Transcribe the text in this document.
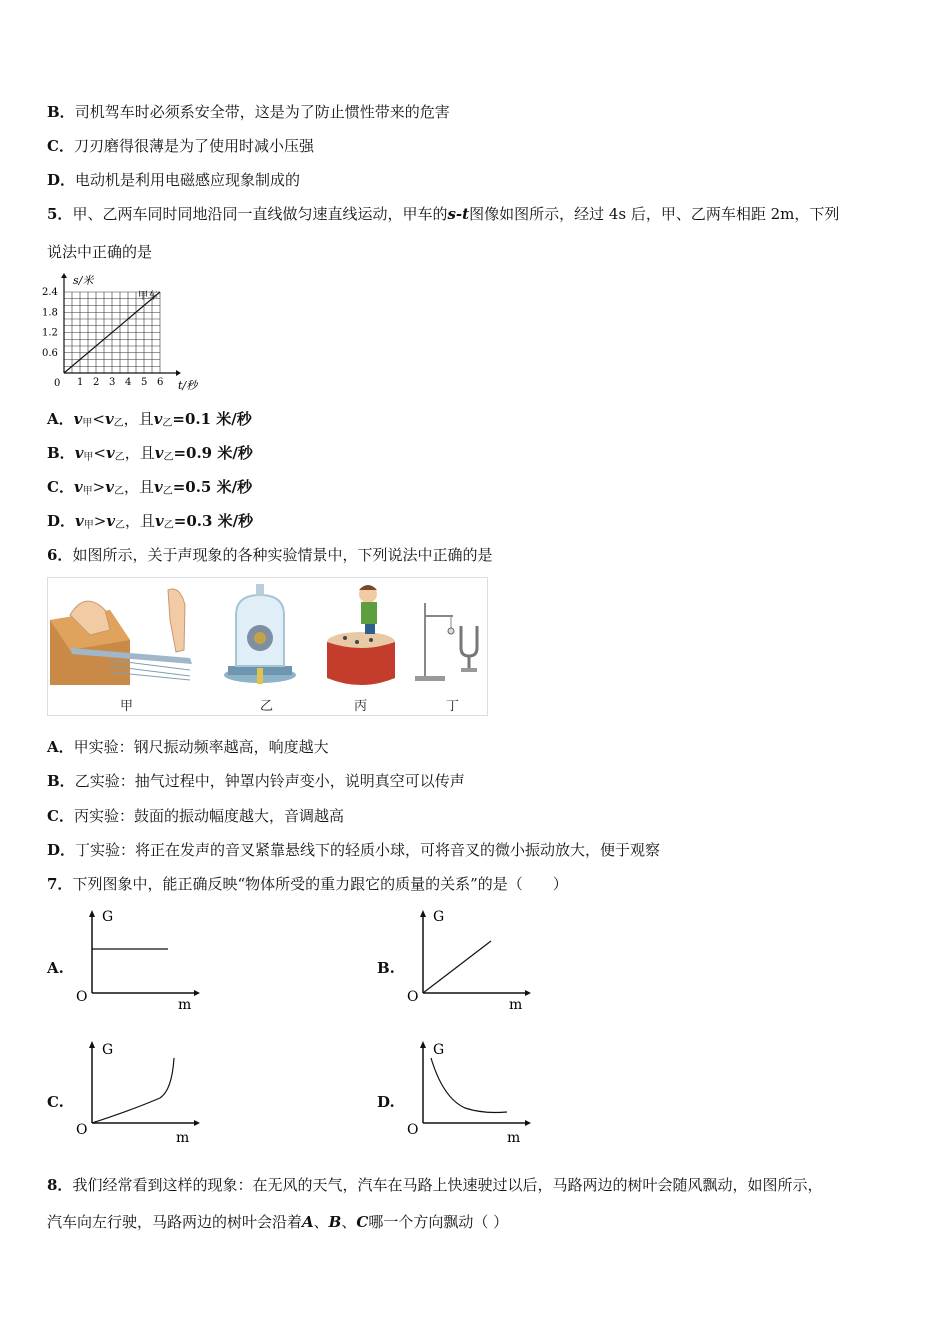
B．司机驾车时必须系安全带，这是为了防止惯性带来的危害
C．刀刃磨得很薄是为了使用时减小压强
D．电动机是利用电磁感应现象制成的
5．甲、乙两车同时同地沿同一直线做匀速直线运动，甲车的s-t图像如图所示，经过 4s 后，甲、乙两车相距 2m，下列
说法中正确的是
1 2 3 4 5 6
0.6
1.2
1.8
2.4
s/米
t/秒
0
甲车
A．$v_甲<v_乙$，且$v_乙=0.1$ 米/秒
B．$v_甲<v_乙$，且$v_乙=0.9$ 米/秒
C．$v_甲>v_乙$，且$v_乙=0.5$ 米/秒
D．$v_甲>v_乙$，且$v_乙=0.3$ 米/秒
6．如图所示，关于声现象的各种实验情景中，下列说法中正确的是
甲	乙	丙	丁
A．甲实验：钢尺振动频率越高，响度越大
B．乙实验：抽气过程中，钟罩内铃声变小，说明真空可以传声
C．丙实验：鼓面的振动幅度越大，音调越高
D．丁实验：将正在发声的音叉紧靠悬线下的轻质小球，可将音叉的微小振动放大，便于观察
7．下列图象中，能正确反映“物体所受的重力跟它的质量的关系”的是（　　）
A.
G
O	m
B.
G
O	m
C.
G
O	m
D.
G
O	m
8．我们经常看到这样的现象：在无风的天气，汽车在马路上快速驶过以后，马路两边的树叶会随风飘动，如图所示，
汽车向左行驶，马路两边的树叶会沿着A、B、C哪一个方向飘动（ ）
